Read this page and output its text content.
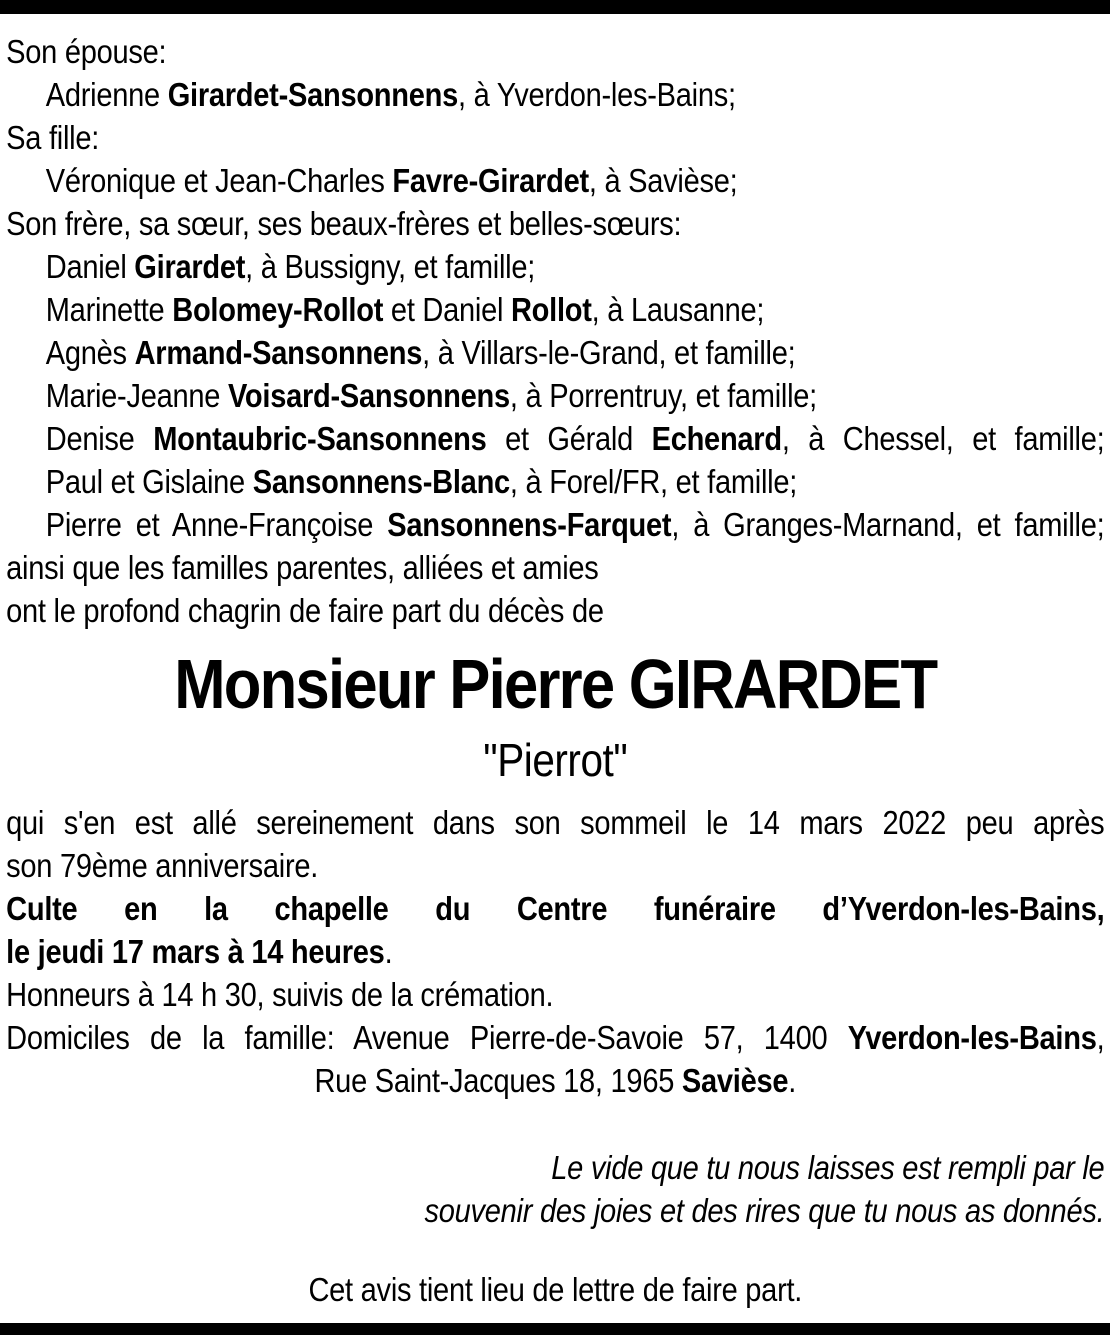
Son épouse:
Adrienne Girardet-Sansonnens, à Yverdon-les-Bains;
Sa fille:
Véronique et Jean-Charles Favre-Girardet, à Savièse;
Son frère, sa sœur, ses beaux-frères et belles-sœurs:
Daniel Girardet, à Bussigny, et famille;
Marinette Bolomey-Rollot et Daniel Rollot, à Lausanne;
Agnès Armand-Sansonnens, à Villars-le-Grand, et famille;
Marie-Jeanne Voisard-Sansonnens, à Porrentruy, et famille;
Denise Montaubric-Sansonnens et Gérald Echenard, à Chessel, et famille;
Paul et Gislaine Sansonnens-Blanc, à Forel/FR, et famille;
Pierre et Anne-Françoise Sansonnens-Farquet, à Granges-Marnand, et famille;
ainsi que les familles parentes, alliées et amies
ont le profond chagrin de faire part du décès de
Monsieur Pierre GIRARDET
"Pierrot"
qui s'en est allé sereinement dans son sommeil le 14 mars 2022 peu après
son 79ème anniversaire.
Culte en la chapelle du Centre funéraire d’Yverdon-les-Bains,
le jeudi 17 mars à 14 heures.
Honneurs à 14 h 30, suivis de la crémation.
Domiciles de la famille: Avenue Pierre-de-Savoie 57, 1400 Yverdon-les-Bains,
Rue Saint-Jacques 18, 1965 Savièse.
Le vide que tu nous laisses est rempli par le
souvenir des joies et des rires que tu nous as donnés.
Cet avis tient lieu de lettre de faire part.
